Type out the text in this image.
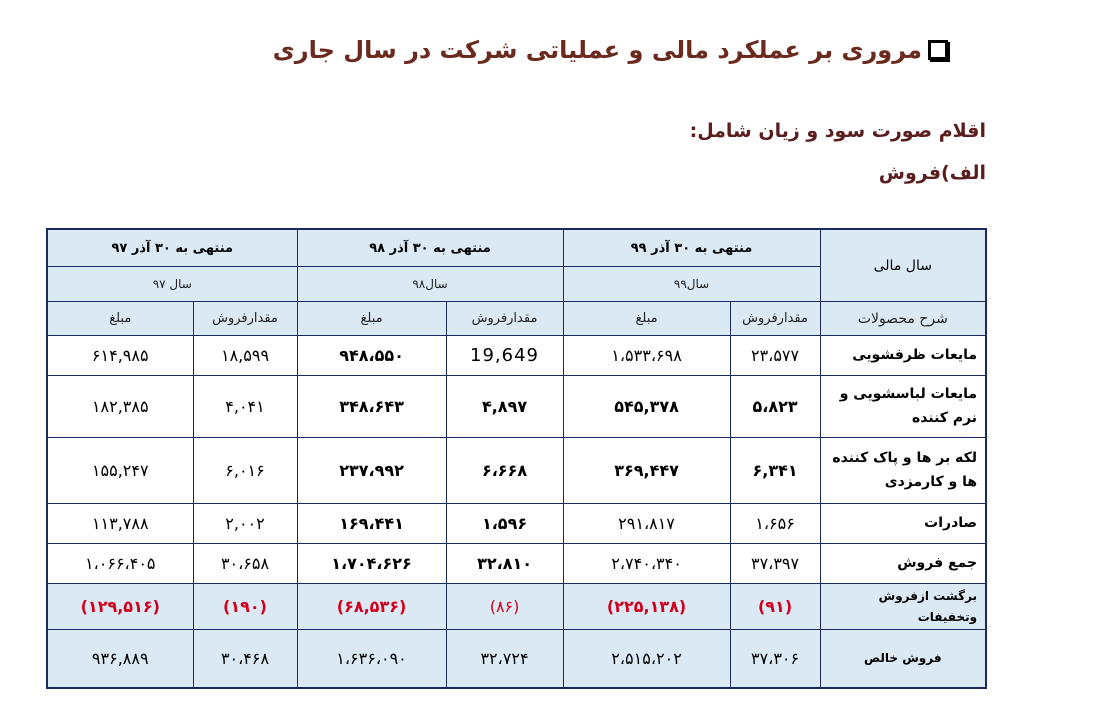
مروری بر عملکرد مالی و عملیاتی شرکت در سال جاری
اقلام صورت سود و زیان شامل:
الف)فروش
سال مالی	منتهی به ۳۰ آذر ۹۹		منتهی به ۳۰ آذر ۹۸		منتهی به ۳۰ آذر ۹۷	
	سال۹۹		سال۹۸		سال ۹۷	
شرح محصولات	مقدارفروش	مبلغ	مقدارفروش	مبلغ	مقدارفروش	مبلغ
مایعات ظرفشویی	۲۳،۵۷۷	۱،۵۳۳،۶۹۸	19,649	۹۴۸،۵۵۰	۱۸,۵۹۹	۶۱۴,۹۸۵
مایعات لباسشویی و نرم کننده	۵،۸۲۳	۵۴۵,۳۷۸	۴,۸۹۷	۳۴۸،۶۴۳	۴,۰۴۱	۱۸۲,۳۸۵
لکه بر ها و پاک کننده ها و کارمزدی	۶,۳۴۱	۳۶۹,۴۴۷	۶،۶۶۸	۲۳۷،۹۹۲	۶,۰۱۶	۱۵۵,۲۴۷
صادرات	۱،۶۵۶	۲۹۱،۸۱۷	۱،۵۹۶	۱۶۹،۴۴۱	۲,۰۰۲	۱۱۳,۷۸۸
جمع فروش	۳۷،۳۹۷	۲،۷۴۰،۳۴۰	۳۲،۸۱۰	۱،۷۰۴،۶۲۶	۳۰،۶۵۸	۱،۰۶۶،۴۰۵
برگشت ازفروش وتخفیفات	(۹۱)	(۲۲۵,۱۳۸)	(۸۶)	(۶۸,۵۳۶)	(۱۹۰)	(۱۲۹,۵۱۶)
فروش خالص	۳۷،۳۰۶	۲،۵۱۵،۲۰۲	۳۲،۷۲۴	۱،۶۳۶،۰۹۰	۳۰،۴۶۸	۹۳۶,۸۸۹
